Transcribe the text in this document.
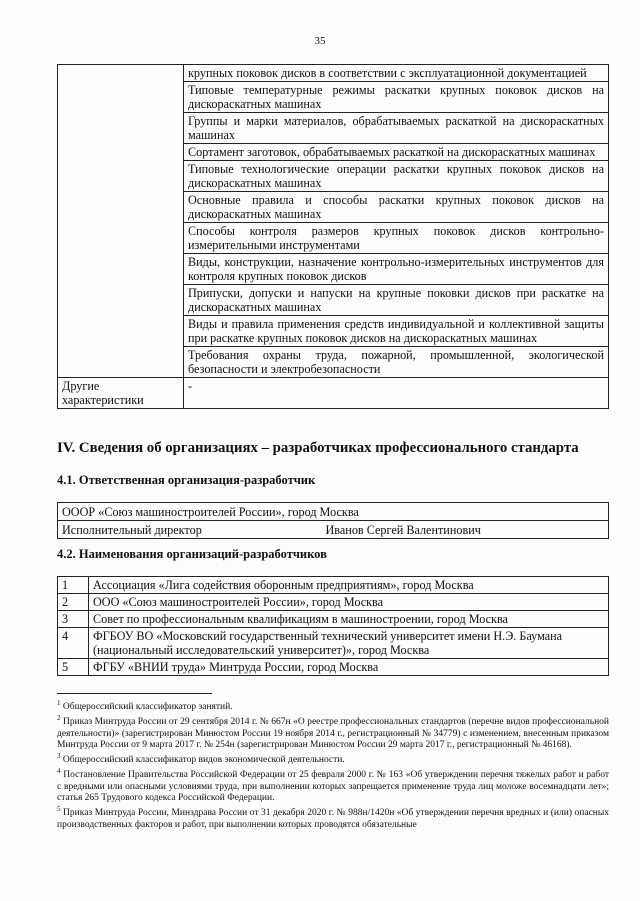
35
	крупных поковок дисков в соответствии с эксплуатационной документацией
	Типовые температурные режимы раскатки крупных поковок дисков на дискораскатных машинах
	Группы и марки материалов, обрабатываемых раскаткой на дискораскатных машинах
	Сортамент заготовок, обрабатываемых раскаткой на дискораскатных машинах
	Типовые технологические операции раскатки крупных поковок дисков на дискораскатных машинах
	Основные правила и способы раскатки крупных поковок дисков на дискораскатных машинах
	Способы контроля размеров крупных поковок дисков контрольно-измерительными инструментами
	Виды, конструкции, назначение контрольно-измерительных инструментов для контроля крупных поковок дисков
	Припуски, допуски и напуски на крупные поковки дисков при раскатке на дискораскатных машинах
	Виды и правила применения средств индивидуальной и коллективной защиты при раскатке крупных поковок дисков на дискораскатных машинах
	Требования охраны труда, пожарной, промышленной, экологической безопасности и электробезопасности
Другие характеристики	-
IV. Сведения об организациях – разработчиках профессионального стандарта
4.1. Ответственная организация-разработчик
ОООР «Союз машиностроителей России», город Москва
Исполнительный директор	Иванов Сергей Валентинович
4.2. Наименования организаций-разработчиков
1	Ассоциация «Лига содействия оборонным предприятиям», город Москва
2	ООО «Союз машиностроителей России», город Москва
3	Совет по профессиональным квалификациям в машиностроении, город Москва
4	ФГБОУ ВО «Московский государственный технический университет имени Н.Э. Баумана (национальный исследовательский университет)», город Москва
5	ФГБУ «ВНИИ труда» Минтруда России, город Москва

$^1$ Общероссийский классификатор занятий.

$^2$ Приказ Минтруда России от 29 сентября 2014 г. № 667н «О реестре профессиональных стандартов (перечне видов профессиональной деятельности)» (зарегистрирован Минюстом России 19 ноября 2014 г., регистрационный № 34779) с изменением, внесенным приказом Минтруда России от 9 марта 2017 г. № 254н (зарегистрирован Минюстом России 29 марта 2017 г., регистрационный № 46168).

$^3$ Общероссийский классификатор видов экономической деятельности.

$^4$ Постановление Правительства Российской Федерации от 25 февраля 2000 г. № 163 «Об утверждении перечня тяжелых работ и работ с вредными или опасными условиями труда, при выполнении которых запрещается применение труда лиц моложе восемнадцати лет»; статья 265 Трудового кодекса Российской Федерации.

$^5$ Приказ Минтруда России, Минздрава России от 31 декабря 2020 г. № 988н/1420н «Об утверждении перечня вредных и (или) опасных производственных факторов и работ, при выполнении которых проводятся обязательные
